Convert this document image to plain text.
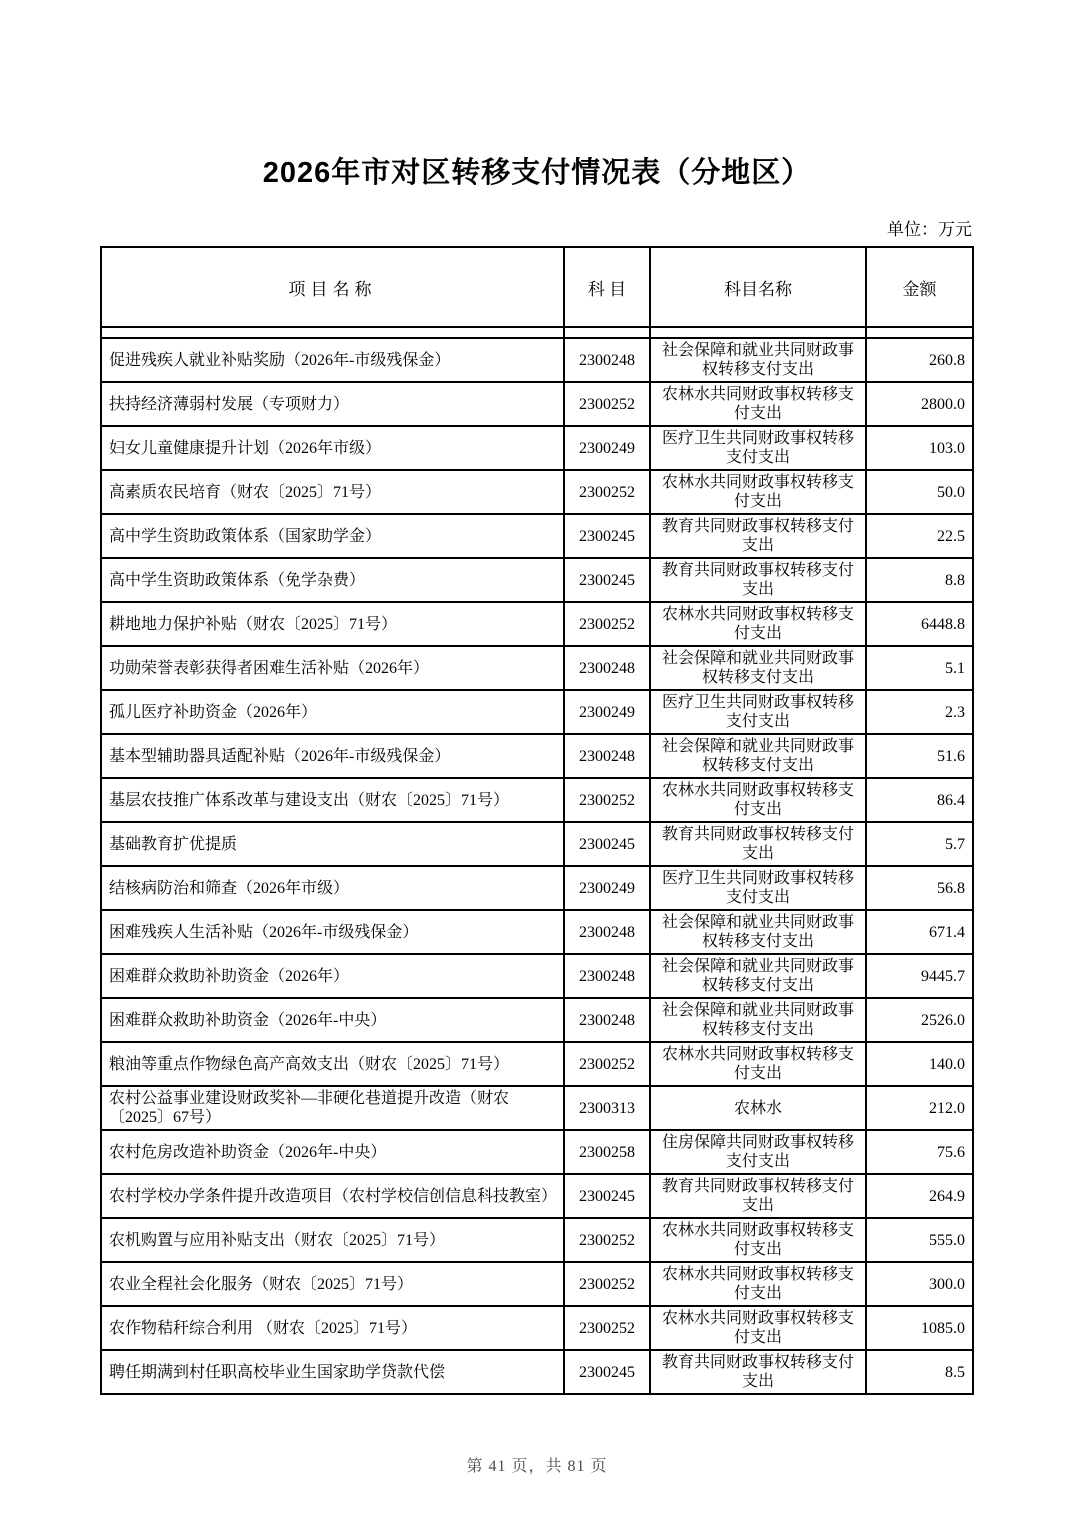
2026年市对区转移支付情况表（分地区）
单位：万元
项目名称	科 目	科目名称	金额

促进残疾人就业补贴奖励（2026年-市级残保金）	2300248	社会保障和就业共同财政事权转移支付支出	260.8
扶持经济薄弱村发展（专项财力）	2300252	农林水共同财政事权转移支付支出	2800.0
妇女儿童健康提升计划（2026年市级）	2300249	医疗卫生共同财政事权转移支付支出	103.0
高素质农民培育（财农〔2025〕71号）	2300252	农林水共同财政事权转移支付支出	50.0
高中学生资助政策体系（国家助学金）	2300245	教育共同财政事权转移支付支出	22.5
高中学生资助政策体系（免学杂费）	2300245	教育共同财政事权转移支付支出	8.8
耕地地力保护补贴（财农〔2025〕71号）	2300252	农林水共同财政事权转移支付支出	6448.8
功勋荣誉表彰获得者困难生活补贴（2026年）	2300248	社会保障和就业共同财政事权转移支付支出	5.1
孤儿医疗补助资金（2026年）	2300249	医疗卫生共同财政事权转移支付支出	2.3
基本型辅助器具适配补贴（2026年-市级残保金）	2300248	社会保障和就业共同财政事权转移支付支出	51.6
基层农技推广体系改革与建设支出（财农〔2025〕71号）	2300252	农林水共同财政事权转移支付支出	86.4
基础教育扩优提质	2300245	教育共同财政事权转移支付支出	5.7
结核病防治和筛查（2026年市级）	2300249	医疗卫生共同财政事权转移支付支出	56.8
困难残疾人生活补贴（2026年-市级残保金）	2300248	社会保障和就业共同财政事权转移支付支出	671.4
困难群众救助补助资金（2026年）	2300248	社会保障和就业共同财政事权转移支付支出	9445.7
困难群众救助补助资金（2026年-中央）	2300248	社会保障和就业共同财政事权转移支付支出	2526.0
粮油等重点作物绿色高产高效支出（财农〔2025〕71号）	2300252	农林水共同财政事权转移支付支出	140.0
农村公益事业建设财政奖补—非硬化巷道提升改造（财农〔2025〕67号）	2300313	农林水	212.0
农村危房改造补助资金（2026年-中央）	2300258	住房保障共同财政事权转移支付支出	75.6
农村学校办学条件提升改造项目（农村学校信创信息科技教室）	2300245	教育共同财政事权转移支付支出	264.9
农机购置与应用补贴支出（财农〔2025〕71号）	2300252	农林水共同财政事权转移支付支出	555.0
农业全程社会化服务（财农〔2025〕71号）	2300252	农林水共同财政事权转移支付支出	300.0
农作物秸秆综合利用 （财农〔2025〕71号）	2300252	农林水共同财政事权转移支付支出	1085.0
聘任期满到村任职高校毕业生国家助学贷款代偿	2300245	教育共同财政事权转移支付支出	8.5
第 41 页，共 81 页
